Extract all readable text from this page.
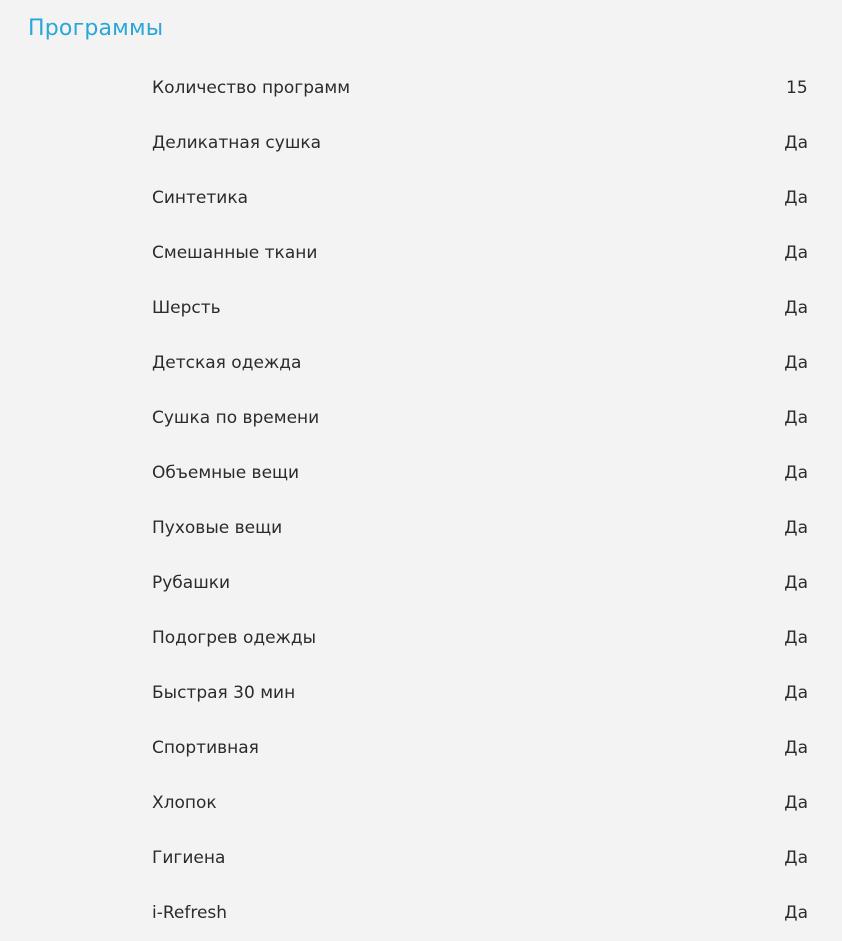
Программы
Количество программ	15
Деликатная сушка	Да
Синтетика	Да
Смешанные ткани	Да
Шерсть	Да
Детская одежда	Да
Сушка по времени	Да
Объемные вещи	Да
Пуховые вещи	Да
Рубашки	Да
Подогрев одежды	Да
Быстрая 30 мин	Да
Спортивная	Да
Хлопок	Да
Гигиена	Да
i-Refresh	Да
